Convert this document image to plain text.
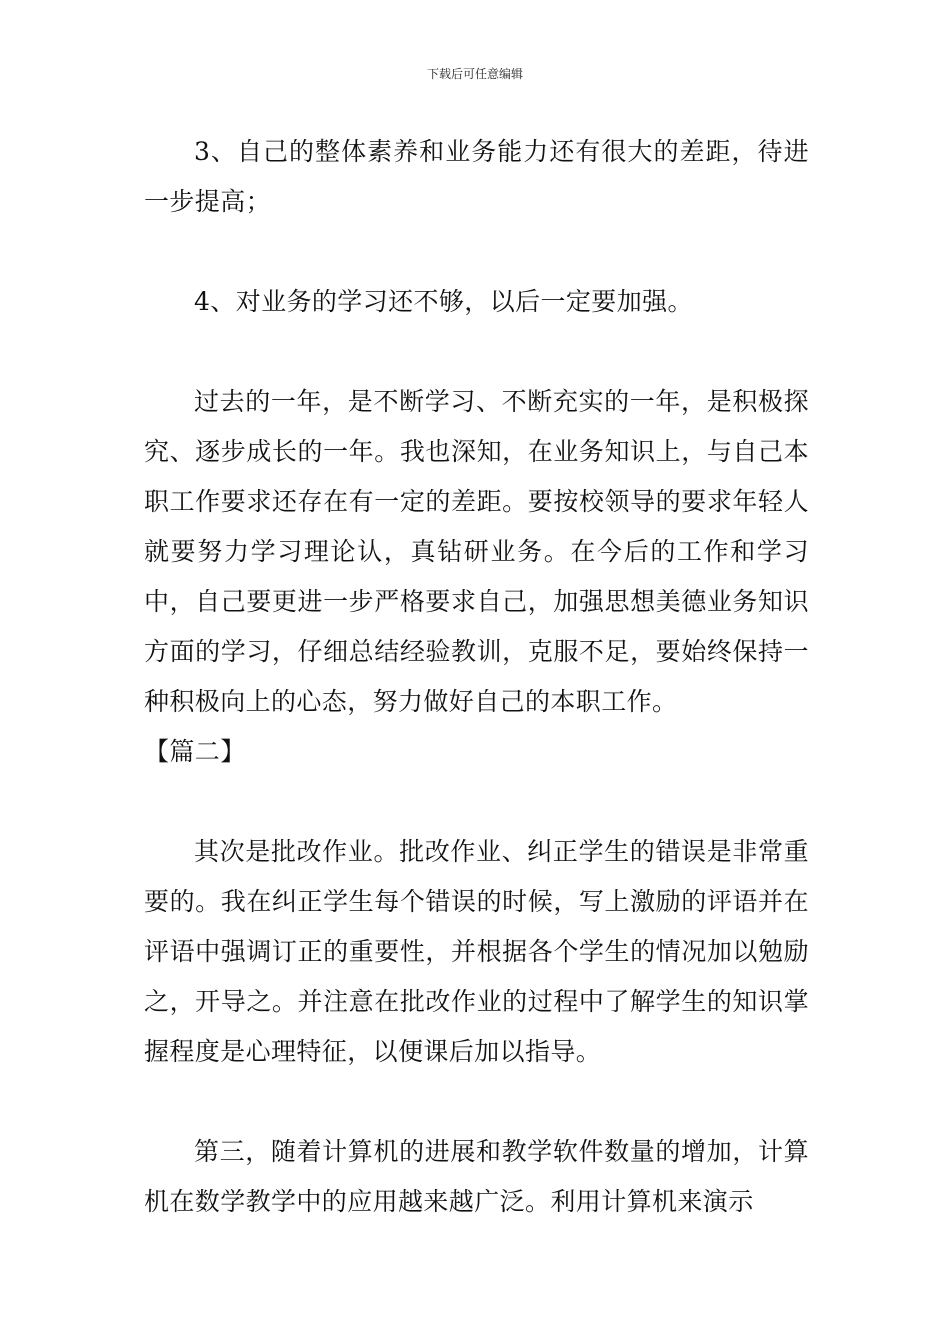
下载后可任意编辑

3、自己的整体素养和业务能力还有很大的差距，待进一步提高；

4、对业务的学习还不够，以后一定要加强。

过去的一年，是不断学习、不断充实的一年，是积极探究、逐步成长的一年。我也深知，在业务知识上，与自己本职工作要求还存在有一定的差距。要按校领导的要求年轻人就要努力学习理论认，真钻研业务。在今后的工作和学习中，自己要更进一步严格要求自己，加强思想美德业务知识方面的学习，仔细总结经验教训，克服不足，要始终保持一种积极向上的心态，努力做好自己的本职工作。

【篇二】

其次是批改作业。批改作业、纠正学生的错误是非常重要的。我在纠正学生每个错误的时候，写上激励的评语并在评语中强调订正的重要性，并根据各个学生的情况加以勉励之，开导之。并注意在批改作业的过程中了解学生的知识掌握程度是心理特征，以便课后加以指导。

第三，随着计算机的进展和教学软件数量的增加，计算机在数学教学中的应用越来越广泛。利用计算机来演示
